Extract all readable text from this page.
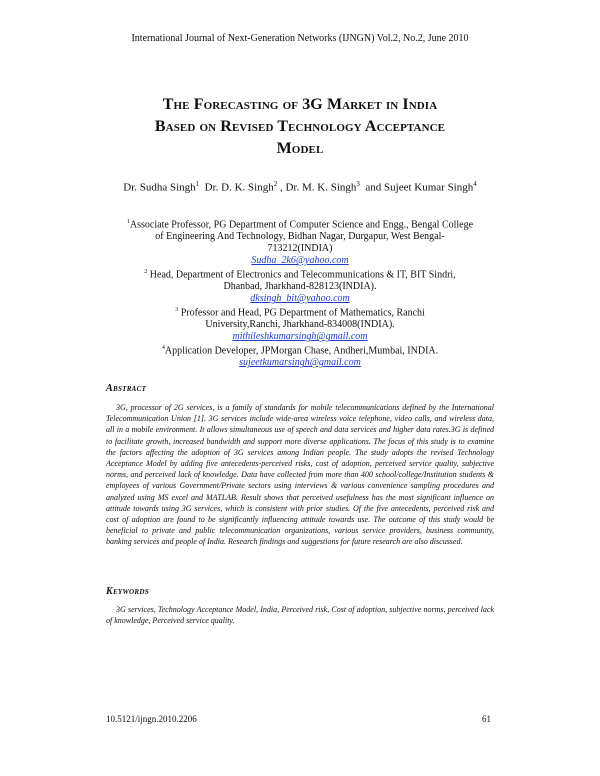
International Journal of Next-Generation Networks (IJNGN) Vol.2, No.2, June 2010
The Forecasting of 3G Market in India
Based on Revised Technology Acceptance
Model
Dr. Sudha Singh$^1$ Dr. D. K. Singh$^2$ , Dr. M. K. Singh$^3$ and Sujeet Kumar Singh$^4$
$^1$Associate Professor, PG Department of Computer Science and Engg., Bengal College
of Engineering And Technology, Bidhan Nagar, Durgapur, West Bengal-
713212(INDIA)
Sudha_2k6@yahoo.com
$^2$ Head, Department of Electronics and Telecommunications & IT, BIT Sindri,
Dhanbad, Jharkhand-828123(INDIA).
dksingh_bit@yahoo.com
$^3$ Professor and Head, PG Department of Mathematics, Ranchi
University,Ranchi, Jharkhand-834008(INDIA).
mithileshkumarsingh@gmail.com
$^4$Application Developer, JPMorgan Chase, Andheri,Mumbai, INDIA.
sujeetkumarsingh@gmail.com
Abstract

3G, processor of 2G services, is a family of standards for mobile telecommunications defined by the International Telecommunication Union [1]. 3G services include wide-area wireless voice telephone, video calls, and wireless data, all in a mobile environment. It allows simultaneous use of speech and data services and higher data rates.3G is defined to facilitate growth, increased bandwidth and support more diverse applications. The focus of this study is to examine the factors affecting the adoption of 3G services among Indian people. The study adopts the revised Technology Acceptance Model by adding five antecedents-perceived risks, cost of adoption, perceived service quality, subjective norms, and perceived lack of knowledge. Data have collected from more than 400 school/college/Institution students & employees of various Government/Private sectors using interviews & various convenience sampling procedures and analyzed using MS excel and MATLAB. Result shows that perceived usefulness has the most significant influence on attitude towards using 3G services, which is consistent with prior studies. Of the five antecedents, perceived risk and cost of adoption are found to be significantly influencing attitude towards use. The outcome of this study would be beneficial to private and public telecommunication organizations, various service providers, business community, banking services and people of India. Research findings and suggestions for future research are also discussed.

Keywords

3G services, Technology Acceptance Model, India, Perceived risk, Cost of adoption, subjective norms, perceived lack of knowledge, Perceived service quality.

10.5121/ijngn.2010.2206	61
